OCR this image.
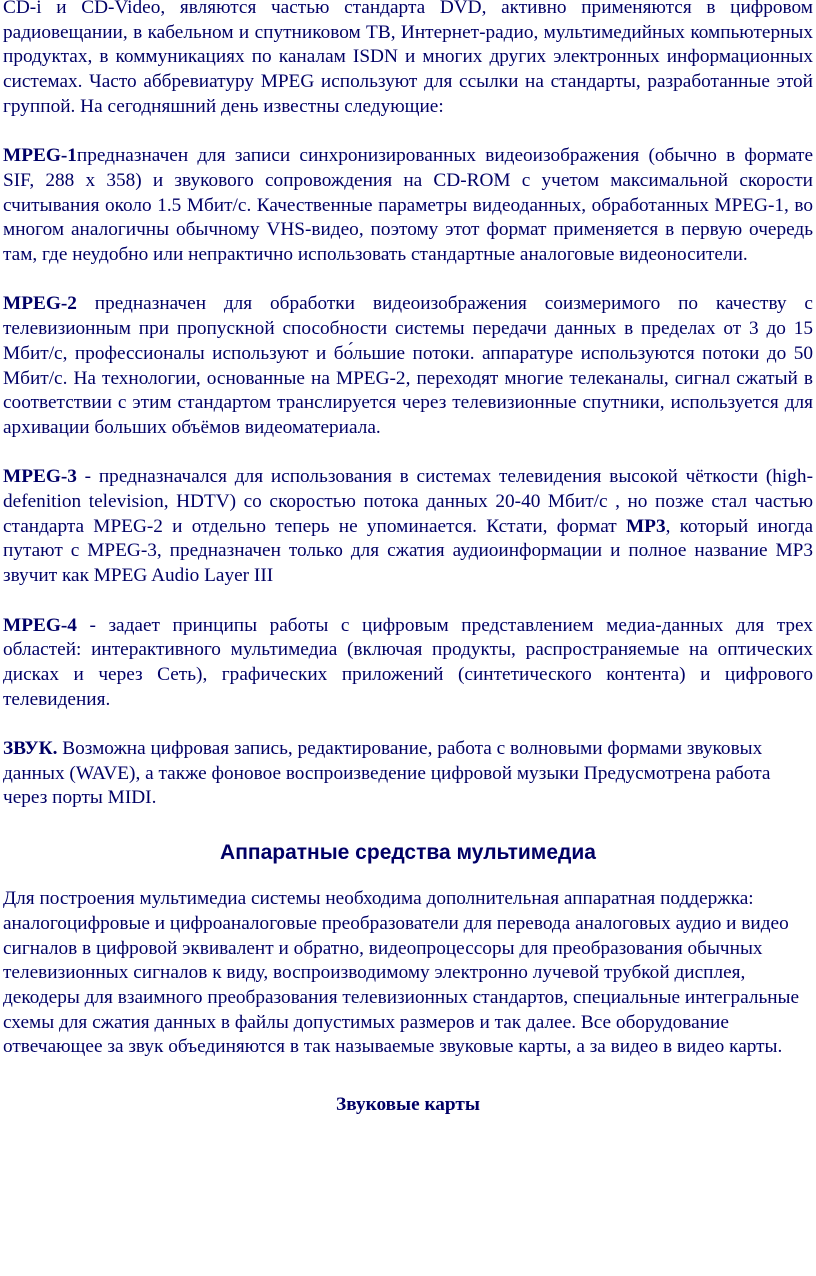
CD-i и CD-Video, являются частью стандарта DVD, активно применяются в цифровом радиовещании, в кабельном и спутниковом ТВ, Интернет-радио, мультимедийных компьютерных продуктах, в коммуникациях по каналам ISDN и многих других электронных информационных системах. Часто аббревиатуру MPEG используют для ссылки на стандарты, разработанные этой группой. На сегодняшний день известны следующие:

MPEG-1предназначен для записи синхронизированных видеоизображения (обычно в формате SIF, 288 x 358) и звукового сопровождения на CD-ROM с учетом максимальной скорости считывания около 1.5 Мбит/с. Качественные параметры видеоданных, обработанных MPEG-1, во многом аналогичны обычному VHS-видео, поэтому этот формат применяется в первую очередь там, где неудобно или непрактично использовать стандартные аналоговые видеоносители.

MPEG-2 предназначен для обработки видеоизображения соизмеримого по качеству с телевизионным при пропускной способности системы передачи данных в пределах от 3 до 15 Мбит/с, профессионалы используют и бо́льшие потоки. аппаратуре используются потоки до 50 Мбит/с. На технологии, основанные на MPEG-2, переходят многие телеканалы, сигнал сжатый в соответствии с этим стандартом транслируется через телевизионные спутники, используется для архивации больших объёмов видеоматериала.

MPEG-3 - предназначался для использования в системах телевидения высокой чёткости (high-defenition television, HDTV) со скоростью потока данных 20-40 Мбит/с , но позже стал частью стандарта MPEG-2 и отдельно теперь не упоминается. Кстати, формат MP3, который иногда путают с MPEG-3, предназначен только для сжатия аудиоинформации и полное название MP3 звучит как MPEG Audio Layer III

MPEG-4 - задает принципы работы с цифровым представлением медиа-данных для трех областей: интерактивного мультимедиа (включая продукты, распространяемые на оптических дисках и через Сеть), графических приложений (синтетического контента) и цифрового телевидения.

ЗВУК. Возможна цифровая запись, редактирование, работа с волновыми формами звуковых данных (WAVE), а также фоновое воспроизведение цифровой музыки Предусмотрена работа через порты MIDI.

Аппаратные средства мультимедиа

Для построения мультимедиа системы необходима дополнительная аппаратная поддержка: аналогоцифровые и цифроаналоговые преобразователи для перевода аналоговых аудио и видео сигналов в цифровой эквивалент и обратно, видеопроцессоры для преобразования обычных телевизионных сигналов к виду, воспроизводимому электронно лучевой трубкой дисплея, декодеры для взаимного преобразования телевизионных стандартов, специальные интегральные схемы для сжатия данных в файлы допустимых размеров и так далее. Все оборудование отвечающее за звук объединяются в так называемые звуковые карты, а за видео в видео карты.

Звуковые карты
